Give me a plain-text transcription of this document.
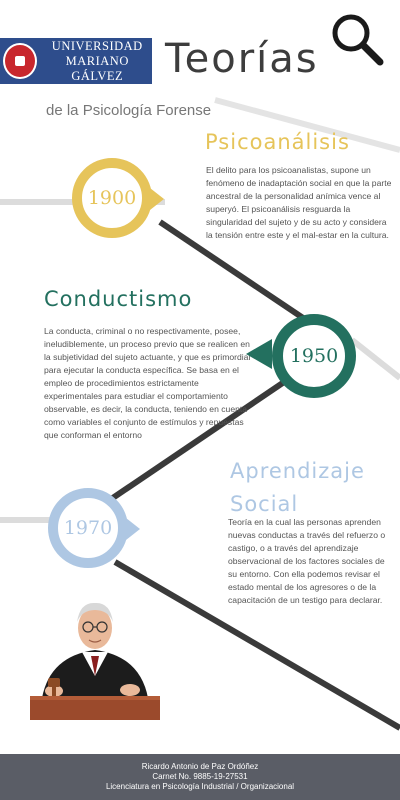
UNIVERSIDAD
MARIANO GÁLVEZ	Teorías
de la Psicología Forense
Psicoanálisis
1900
El delito para los psicoanalistas, supone un fenómeno de inadaptación social en que la parte ancestral de la personalidad anímica vence al superyó. El psicoanálisis resguarda la singularidad del sujeto y de su acto y considera la tensión entre este y el mal-estar en la cultura.
Conductismo
La conducta, criminal o no respectivamente, posee, ineludiblemente, un proceso previo que se realicen en la subjetividad del sujeto actuante, y que es primordial para ejecutar la conducta específica. Se basa en el empleo de procedimientos estrictamente experimentales para estudiar el comportamiento observable, es decir, la conducta, teniendo en cuenta como variables el conjunto de estímulos y repuestas que conforman el entorno
1950
Aprendizaje
Social
1970	Teoría en la cual las personas aprenden nuevas conductas a través del refuerzo o castigo, o a través del aprendizaje observacional de los factores sociales de su entorno. Con ella podemos revisar el estado mental de los agresores o de la capacitación de un testigo para declarar.
Ricardo Antonio de Paz Ordóñez
Carnet No. 9885-19-27531
Licenciatura en Psicología Industrial / Organizacional
